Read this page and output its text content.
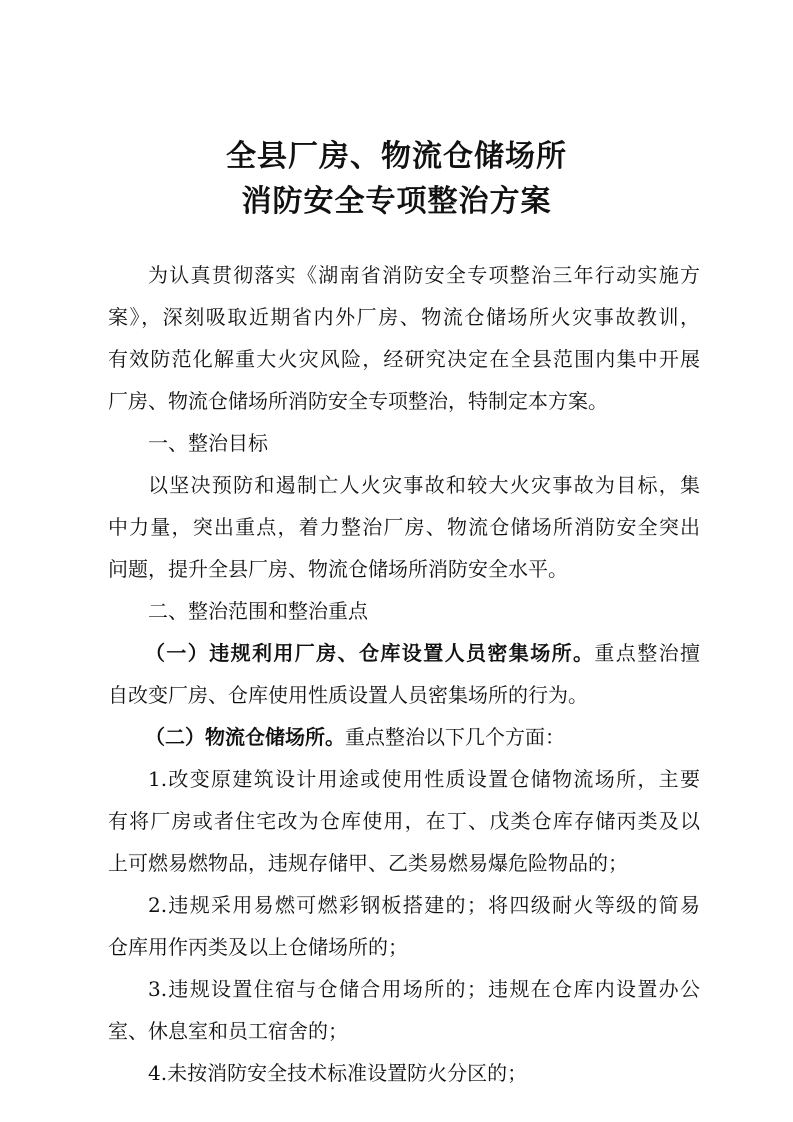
全县厂房、物流仓储场所
消防安全专项整治方案
为认真贯彻落实《湖南省消防安全专项整治三年行动实施方
案》，深刻吸取近期省内外厂房、物流仓储场所火灾事故教训，
有效防范化解重大火灾风险，经研究决定在全县范围内集中开展
厂房、物流仓储场所消防安全专项整治，特制定本方案。
一、整治目标
以坚决预防和遏制亡人火灾事故和较大火灾事故为目标，集
中力量，突出重点，着力整治厂房、物流仓储场所消防安全突出
问题，提升全县厂房、物流仓储场所消防安全水平。
二、整治范围和整治重点
（一）违规利用厂房、仓库设置人员密集场所。重点整治擅
自改变厂房、仓库使用性质设置人员密集场所的行为。
（二）物流仓储场所。重点整治以下几个方面：
1.改变原建筑设计用途或使用性质设置仓储物流场所，主要
有将厂房或者住宅改为仓库使用，在丁、戊类仓库存储丙类及以
上可燃易燃物品，违规存储甲、乙类易燃易爆危险物品的；
2.违规采用易燃可燃彩钢板搭建的；将四级耐火等级的简易
仓库用作丙类及以上仓储场所的；
3.违规设置住宿与仓储合用场所的；违规在仓库内设置办公
室、休息室和员工宿舍的；
4.未按消防安全技术标准设置防火分区的；
